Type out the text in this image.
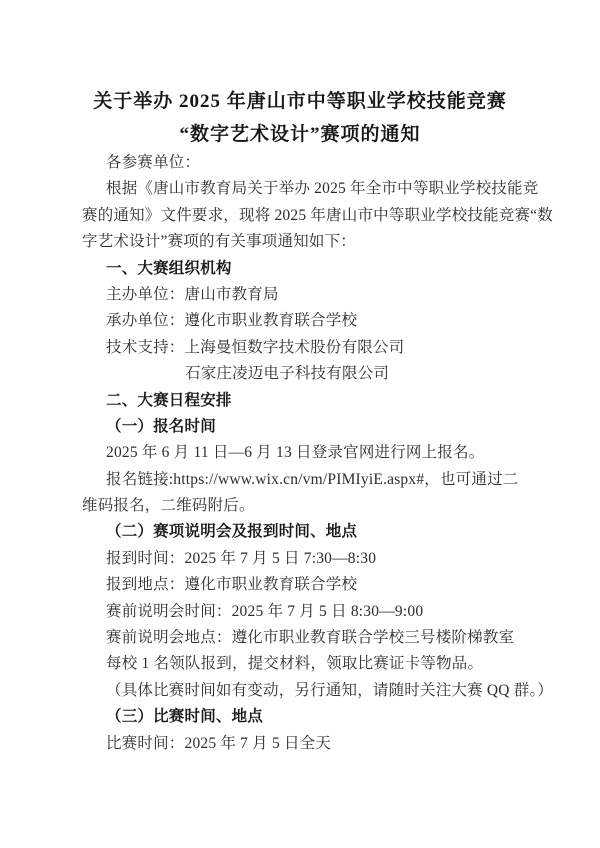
关于举办 2025 年唐山市中等职业学校技能竞赛
“数字艺术设计”赛项的通知
各参赛单位：
根据《唐山市教育局关于举办 2025 年全市中等职业学校技能竞
赛的通知》文件要求，现将 2025 年唐山市中等职业学校技能竞赛“数
字艺术设计”赛项的有关事项通知如下：
一、大赛组织机构
主办单位：唐山市教育局
承办单位：遵化市职业教育联合学校
技术支持：上海曼恒数字技术股份有限公司
石家庄凌迈电子科技有限公司
二、大赛日程安排
（一）报名时间
2025 年 6 月 11 日—6 月 13 日登录官网进行网上报名。
报名链接:https://www.wix.cn/vm/PIMIyiE.aspx#，也可通过二
维码报名，二维码附后。
（二）赛项说明会及报到时间、地点
报到时间：2025 年 7 月 5 日 7:30—8:30
报到地点：遵化市职业教育联合学校
赛前说明会时间：2025 年 7 月 5 日 8:30—9:00
赛前说明会地点：遵化市职业教育联合学校三号楼阶梯教室
每校 1 名领队报到，提交材料，领取比赛证卡等物品。
（具体比赛时间如有变动，另行通知，请随时关注大赛 QQ 群。）
（三）比赛时间、地点
比赛时间：2025 年 7 月 5 日全天
